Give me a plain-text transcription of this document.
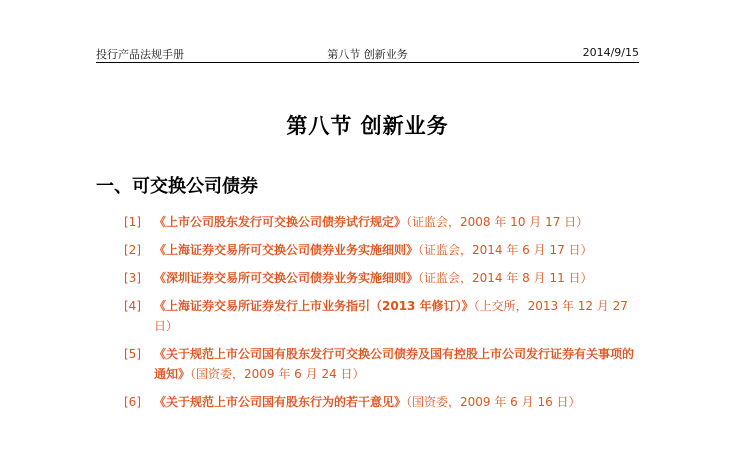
投行产品法规手册	第八节 创新业务	2014/9/15
第八节 创新业务
一、可交换公司债券
[1] 《上市公司股东发行可交换公司债券试行规定》（证监会，2008 年 10 月 17 日）
[2] 《上海证券交易所可交换公司债券业务实施细则》（证监会，2014 年 6 月 17 日）
[3] 《深圳证券交易所可交换公司债券业务实施细则》（证监会，2014 年 8 月 11 日）
[4] 《上海证券交易所证券发行上市业务指引（2013 年修订）》（上交所，2013 年 12 月 27 日）
[5] 《关于规范上市公司国有股东发行可交换公司债券及国有控股上市公司发行证券有关事项的通知》（国资委，2009 年 6 月 24 日）
[6] 《关于规范上市公司国有股东行为的若干意见》（国资委，2009 年 6 月 16 日）
